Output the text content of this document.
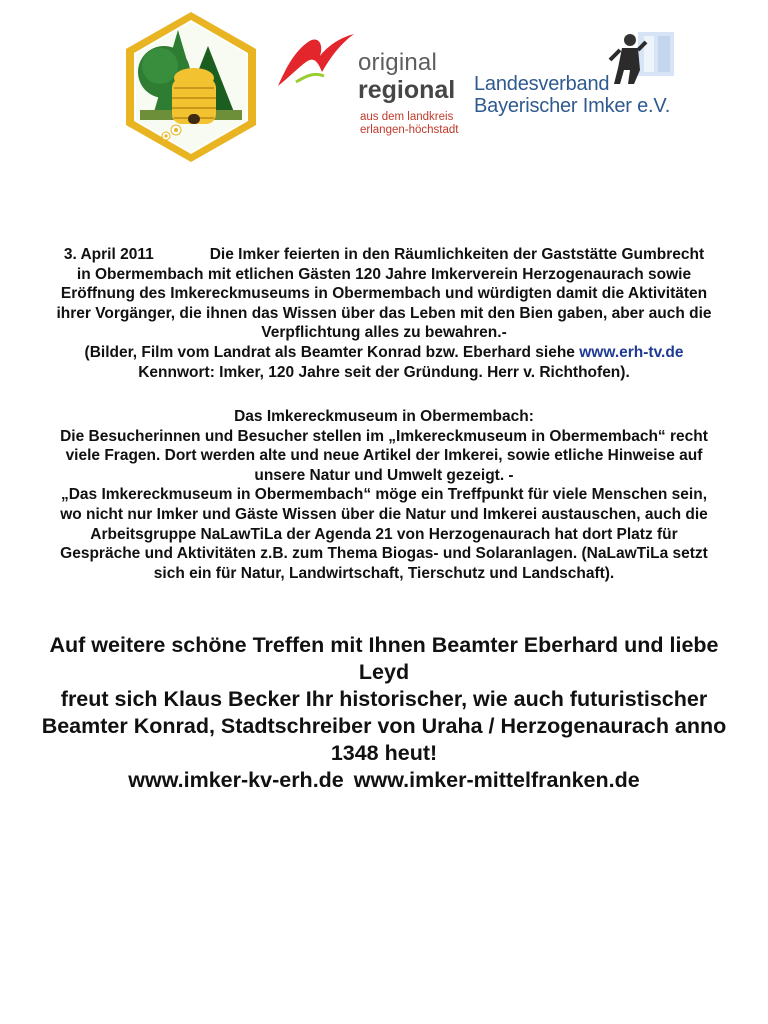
original
regional
aus dem landkreis
erlangen-höchstadt
Landesverband
Bayerischer Imker e.V.

3. April 2011	Die Imker feierten in den Räumlichkeiten der Gaststätte Gumbrecht in Obermembach mit etlichen Gästen 120 Jahre Imkerverein Herzogenaurach sowie Eröffnung des Imkereckmuseums in Obermembach und würdigten damit die Aktivitäten ihrer Vorgänger, die ihnen das Wissen über das Leben mit den Bien gaben, aber auch die Verpflichtung alles zu bewahren.-

(Bilder, Film vom Landrat als Beamter Konrad bzw. Eberhard siehe www.erh-tv.de

Kennwort: Imker, 120 Jahre seit der Gründung. Herr v. Richthofen).

Das Imkereckmuseum in Obermembach:

Die Besucherinnen und Besucher stellen im „Imkereckmuseum in Obermembach“ recht viele Fragen. Dort werden alte und neue Artikel der Imkerei, sowie etliche Hinweise auf unsere Natur und Umwelt gezeigt. -

„Das Imkereckmuseum in Obermembach“ möge ein Treffpunkt für viele Menschen sein, wo nicht nur Imker und Gäste Wissen über die Natur und Imkerei austauschen, auch die Arbeitsgruppe NaLawTiLa der Agenda 21 von Herzogenaurach hat dort Platz für Gespräche und Aktivitäten z.B. zum Thema Biogas- und Solaranlagen. (NaLawTiLa setzt sich ein für Natur, Landwirtschaft, Tierschutz und Landschaft).

Auf weitere schöne Treffen mit Ihnen Beamter Eberhard und liebe Leyd

freut sich Klaus Becker Ihr historischer, wie auch futuristischer

Beamter Konrad, Stadtschreiber von Uraha / Herzogenaurach anno 1348 heut!

www.imker-kv-erh.de www.imker-mittelfranken.de
